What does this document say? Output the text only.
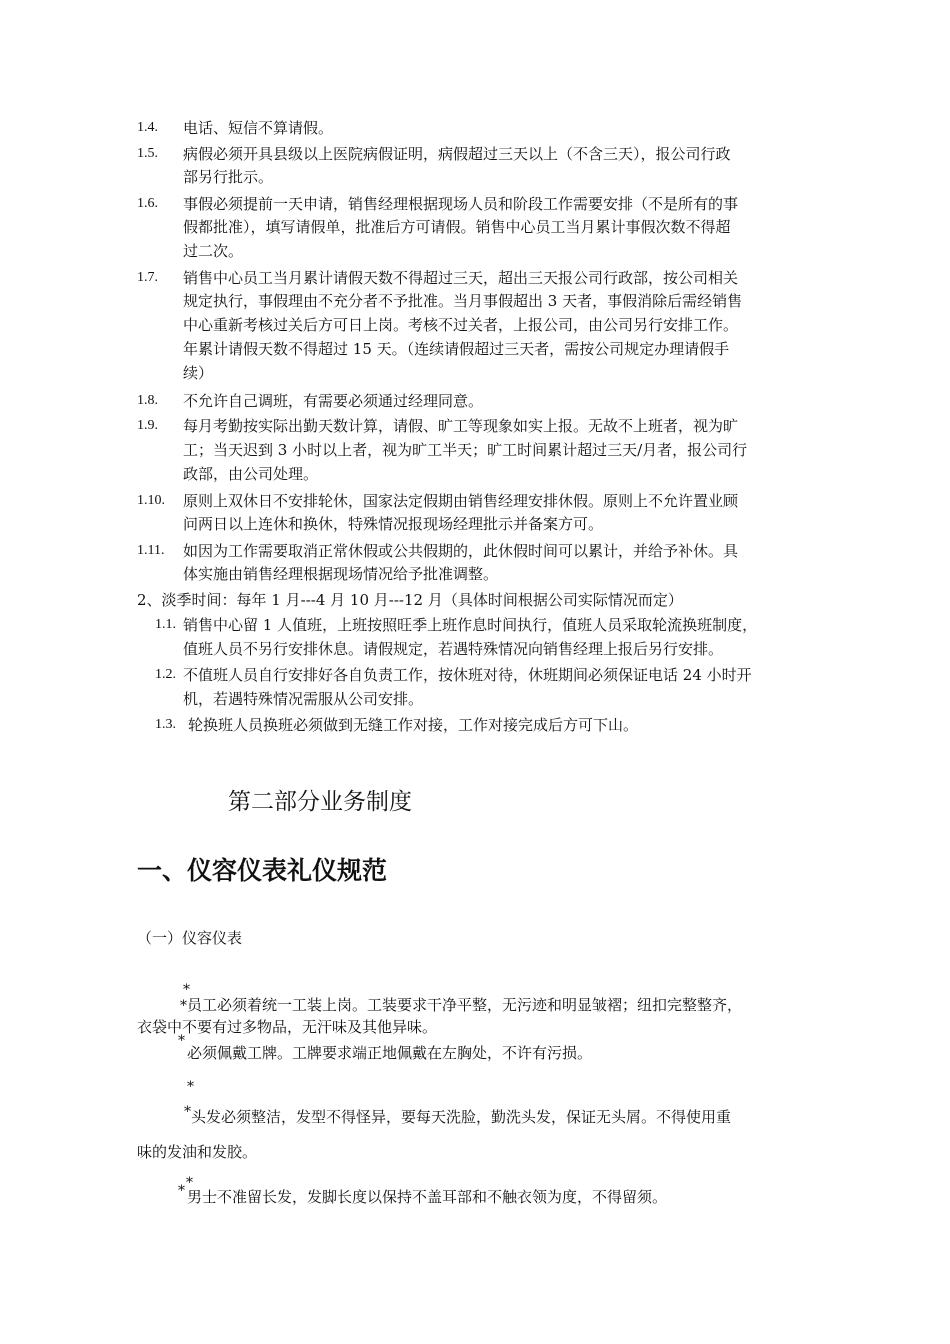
1.4. 电话、短信不算请假。
1.5. 病假必须开具县级以上医院病假证明，病假超过三天以上（不含三天），报公司行政
部另行批示。
1.6. 事假必须提前一天申请，销售经理根据现场人员和阶段工作需要安排（不是所有的事
假都批准），填写请假单，批准后方可请假。销售中心员工当月累计事假次数不得超
过二次。
1.7. 销售中心员工当月累计请假天数不得超过三天，超出三天报公司行政部，按公司相关
规定执行，事假理由不充分者不予批准。当月事假超出 3 天者，事假消除后需经销售
中心重新考核过关后方可日上岗。考核不过关者，上报公司，由公司另行安排工作。
年累计请假天数不得超过 15 天。（连续请假超过三天者，需按公司规定办理请假手
续）
1.8. 不允许自己调班，有需要必须通过经理同意。
1.9. 每月考勤按实际出勤天数计算，请假、旷工等现象如实上报。无故不上班者，视为旷
工；当天迟到 3 小时以上者，视为旷工半天；旷工时间累计超过三天/月者，报公司行
政部，由公司处理。
1.10. 原则上双休日不安排轮休，国家法定假期由销售经理安排休假。原则上不允许置业顾
问两日以上连休和换休，特殊情况报现场经理批示并备案方可。
1.11. 如因为工作需要取消正常休假或公共假期的，此休假时间可以累计，并给予补休。具
体实施由销售经理根据现场情况给予批准调整。
2、淡季时间：每年 1 月---4 月 10 月---12 月（具体时间根据公司实际情况而定）
1.1. 销售中心留 1 人值班，上班按照旺季上班作息时间执行，值班人员采取轮流换班制度，
值班人员不另行安排休息。请假规定，若遇特殊情况向销售经理上报后另行安排。
1.2. 不值班人员自行安排好各自负责工作，按休班对待，休班期间必须保证电话 24 小时开
机，若遇特殊情况需服从公司安排。
1.3. 轮换班人员换班必须做到无缝工作对接，工作对接完成后方可下山。
第二部分业务制度
一、仪容仪表礼仪规范
（一）仪容仪表
*
* 员工必须着统一工装上岗。工装要求干净平整，无污迹和明显皱褶；纽扣完整整齐，
衣袋中不要有过多物品，无汗味及其他异味。
*
必须佩戴工牌。工牌要求端正地佩戴在左胸处，不许有污损。
*
* 头发必须整洁，发型不得怪异，要每天洗脸，勤洗头发，保证无头屑。不得使用重
味的发油和发胶。
*
* 男士不准留长发，发脚长度以保持不盖耳部和不触衣领为度，不得留须。
